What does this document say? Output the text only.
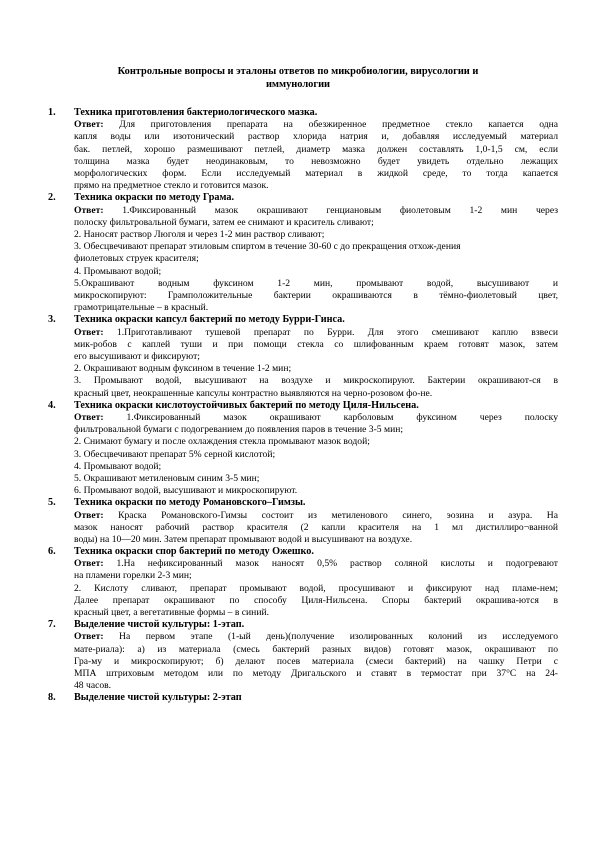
Контрольные вопросы и эталоны ответов по микробиологии, вирусологии и
иммунологии
1. Техника приготовления бактериологического мазка.
Ответ: Для приготовления препарата на обезжиренное предметное стекло капается одна
капля воды или изотонический раствор хлорида натрия и, добавляя исследуемый материал
бак. петлей, хорошо размешивают петлей, диаметр мазка должен составлять 1,0-1,5 см, если
толщина мазка будет неодинаковым, то невозможно будет увидеть отдельно лежащих
морфологических форм. Если исследуемый материал в жидкой среде, то тогда капается
прямо на предметное стекло и готовится мазок.
2. Техника окраски по методу Грама.
Ответ: 1.Фиксированный мазок окрашивают генциановым фиолетовым 1-2 мин через
полоску фильтровальной бумаги, затем ее снимают и краситель сливают;
2. Наносят раствор Люголя и через 1-2 мин раствор сливают;
3. Обесцвечивают препарат этиловым спиртом в течение 30-60 с до прекращения отхож-дения
фиолетовых струек красителя;
4. Промывают водой;
5.Окрашивают водным фуксином 1-2 мин, промывают водой, высушивают и
микроскопируют: Грамположительные бактерии окрашиваются в тёмно-фиолетовый цвет,
грамотрицательные – в красный.
3. Техника окраски капсул бактерий по методу Бурри-Гинса.
Ответ: 1.Приготавливают тушевой препарат по Бурри. Для этого смешивают каплю взвеси
мик-робов с каплей туши и при помощи стекла со шлифованным краем готовят мазок, затем
его высушивают и фиксируют;
2. Окрашивают водным фуксином в течение 1-2 мин;
3. Промывают водой, высушивают на воздухе и микроскопируют. Бактерии окрашивают-ся в
красный цвет, неокрашенные капсулы контрастно выявляются на черно-розовом фо-не.
4. Техника окраски кислотоустойчивых бактерий по методу Циля-Нильсена.
Ответ: 1.Фиксированный мазок окрашивают карболовым фуксином через полоску
фильтровальной бумаги с подогреванием до появления паров в течение 3-5 мин;
2. Снимают бумагу и после охлаждения стекла промывают мазок водой;
3. Обесцвечивают препарат 5% серной кислотой;
4. Промывают водой;
5. Окрашивают метиленовым синим 3-5 мин;
6. Промывают водой, высушивают и микроскопируют.
5. Техника окраски по методу Романовского–Гимзы.
Ответ: Краска Романовского-Гимзы состоит из метиленового синего, эозина и азура. На
мазок наносят рабочий раствор красителя (2 капли красителя на 1 мл дистиллиро¬ванной
воды) на 10—20 мин. Затем препарат промывают водой и высушивают на воздухе.
6. Техника окраски спор бактерий по методу Ожешко.
Ответ: 1.На нефиксированный мазок наносят 0,5% раствор соляной кислоты и подогревают
на пламени горелки 2-3 мин;
2. Кислоту сливают, препарат промывают водой, просушивают и фиксируют над пламе-нем;
Далее препарат окрашивают по способу Циля-Нильсена. Споры бактерий окрашива-ются в
красный цвет, а вегетативные формы – в синий.
7. Выделение чистой культуры: 1-этап.
Ответ: На первом этапе (1-ый день)(получение изолированных колоний из исследуемого
мате-риала): а) из материала (смесь бактерий разных видов) готовят мазок, окрашивают по
Гра-му и микроскопируют; б) делают посев материала (смеси бактерий) на чашку Петри с
МПА штриховым методом или по методу Дригальского и ставят в термостат при 37°С на 24-
48 часов.
8. Выделение чистой культуры: 2-этап
